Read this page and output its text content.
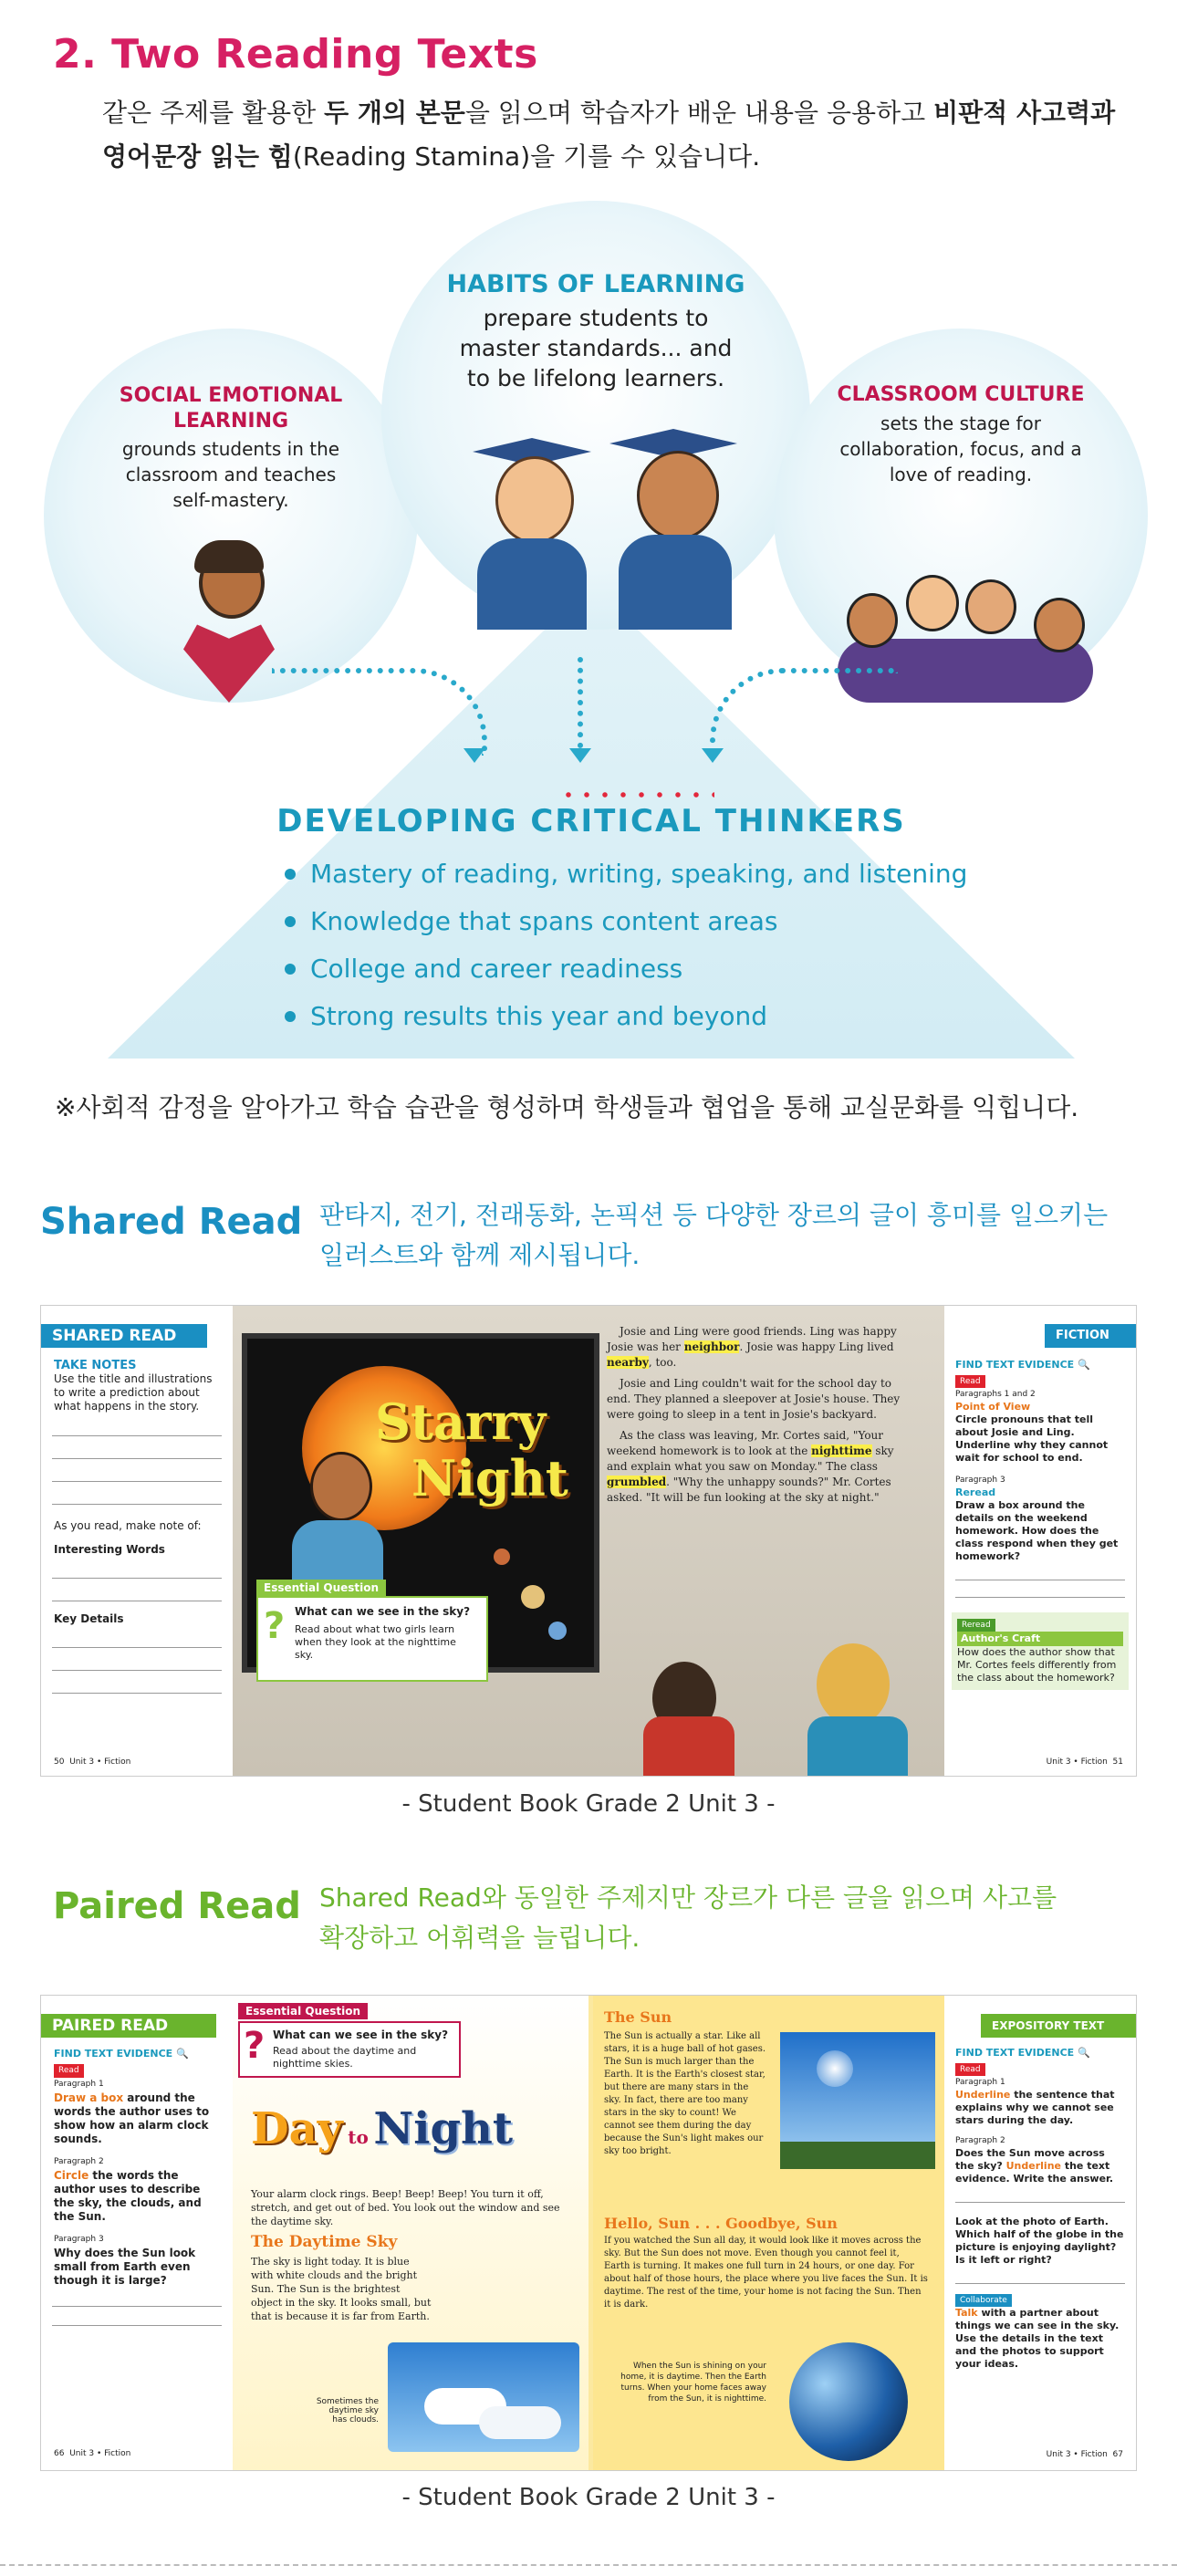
2. Two Reading Texts
같은 주제를 활용한 두 개의 본문을 읽으며 학습자가 배운 내용을 응용하고 비판적 사고력과 영어문장 읽는 힘(Reading Stamina)을 기를 수 있습니다.
SOCIAL EMOTIONAL LEARNING
grounds students in the classroom and teaches self-mastery.
HABITS OF LEARNING
prepare students to master standards... and to be lifelong learners.
CLASSROOM CULTURE
sets the stage for collaboration, focus, and a love of reading.
DEVELOPING CRITICAL THINKERS
Mastery of reading, writing, speaking, and listening
Knowledge that spans content areas
College and career readiness
Strong results this year and beyond
※사회적 감정을 알아가고 학습 습관을 형성하며 학생들과 협업을 통해 교실문화를 익힙니다.
Shared Read 판타지, 전기, 전래동화, 논픽션 등 다양한 장르의 글이 흥미를 일으키는
일러스트와 함께 제시됩니다.
SHARED READ
TAKE NOTES
Use the title and illustrations to write a prediction about what happens in the story.
As you read, make note of:
Interesting Words
Key Details
50 Unit 3 • Fiction
Starry
Night
Essential Question
? What can we see in the sky?
Read about what two girls learn when they look at the nighttime sky.

Josie and Ling were good friends. Ling was happy Josie was her neighbor. Josie was happy Ling lived nearby, too.

Josie and Ling couldn't wait for the school day to end. They planned a sleepover at Josie's house. They were going to sleep in a tent in Josie's backyard.

As the class was leaving, Mr. Cortes said, "Your weekend homework is to look at the nighttime sky and explain what you saw on Monday." The class grumbled. "Why the unhappy sounds?" Mr. Cortes asked. "It will be fun looking at the sky at night."

FICTION
FIND TEXT EVIDENCE 🔍
Read
Paragraphs 1 and 2
Point of View
Circle pronouns that tell about Josie and Ling. Underline why they cannot wait for school to end.
Paragraph 3
Reread
Draw a box around the details on the weekend homework. How does the class respond when they get homework?
Reread
Author's Craft
How does the author show that Mr. Cortes feels differently from the class about the homework?
Unit 3 • Fiction 51
- Student Book Grade 2 Unit 3 -
Paired Read Shared Read와 동일한 주제지만 장르가 다른 글을 읽으며 사고를
확장하고 어휘력을 늘립니다.
PAIRED READ
FIND TEXT EVIDENCE 🔍
Read
Paragraph 1
Draw a box around the words the author uses to show how an alarm clock sounds.
Paragraph 2
Circle the words the author uses to describe the sky, the clouds, and the Sun.
Paragraph 3
Why does the Sun look small from Earth even though it is large?
66 Unit 3 • Fiction
Essential Question
? What can we see in the sky?
Read about the daytime and nighttime skies.
Day to Night
Your alarm clock rings. Beep! Beep! Beep! You turn it off, stretch, and get out of bed. You look out the window and see the daytime sky.
The Daytime Sky
The sky is light today. It is blue with white clouds and the bright Sun. The Sun is the brightest object in the sky. It looks small, but that is because it is far from Earth.
Sometimes the daytime sky has clouds.
The Sun
The Sun is actually a star. Like all stars, it is a huge ball of hot gases. The Sun is much larger than the Earth. It is the Earth's closest star, but there are many stars in the sky. In fact, there are too many stars in the sky to count! We cannot see them during the day because the Sun's light makes our sky too bright.
Hello, Sun . . . Goodbye, Sun
If you watched the Sun all day, it would look like it moves across the sky. But the Sun does not move. Even though you cannot feel it, Earth is turning. It makes one full turn in 24 hours, or one day. For about half of those hours, the place where you live faces the Sun. It is daytime. The rest of the time, your home is not facing the Sun. Then it is dark.
When the Sun is shining on your home, it is daytime. Then the Earth turns. When your home faces away from the Sun, it is nighttime.
EXPOSITORY TEXT
FIND TEXT EVIDENCE 🔍
Read
Paragraph 1
Underline the sentence that explains why we cannot see stars during the day.
Paragraph 2
Does the Sun move across the sky? Underline the text evidence. Write the answer.
Look at the photo of Earth. Which half of the globe in the picture is enjoying daylight? Is it left or right?
Collaborate
Talk with a partner about things we can see in the sky. Use the details in the text and the photos to support your ideas.
Unit 3 • Fiction 67
- Student Book Grade 2 Unit 3 -
